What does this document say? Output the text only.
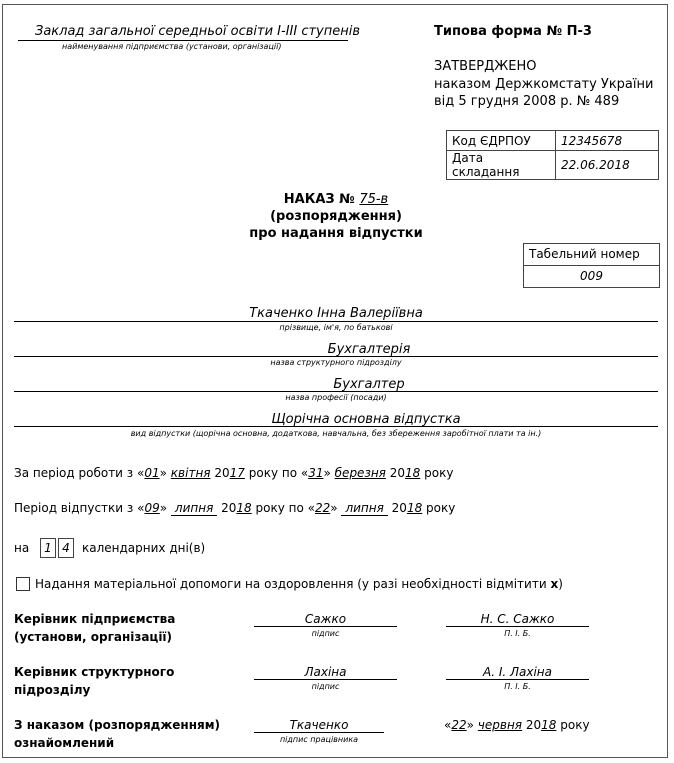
Заклад загальної середньої освіти I-III ступенів
найменування підприємства (установи, організації)
Типова форма № П-3
ЗАТВЕРДЖЕНО
наказом Держкомстату України
від 5 грудня 2008 р. № 489
Код ЄДРПОУ	12345678
Дата складання	22.06.2018
НАКАЗ № 75-в
(розпорядження)
про надання відпустки
Табельний номер
009
Ткаченко Інна Валеріївна
прізвище, ім'я, по батькові
Бухгалтерія
назва структурного підрозділу
Бухгалтер
назва професії (посади)
Щорічна основна відпустка
вид відпустки (щорічна основна, додаткова, навчальна, без збереження заробітної плати та ін.)
За період роботи з «01» квітня 2017 року по «31» березня 2018 року
Період відпустки з «09» липня 2018 року по «22» липня 2018 року
на	1 4	календарних дні(в)
Надання матеріальної допомоги на оздоровлення (у разі необхідності відмітити х)
Керівник підприємства
(установи, організації)
Сажко
підпис
Н. С. Сажко
П. І. Б.
Керівник структурного
підрозділу
Лахіна
підпис
А. І. Лахіна
П. І. Б.
З наказом (розпорядженням)
ознайомлений
Ткаченко
підпис працівника
«22» червня 2018 року
